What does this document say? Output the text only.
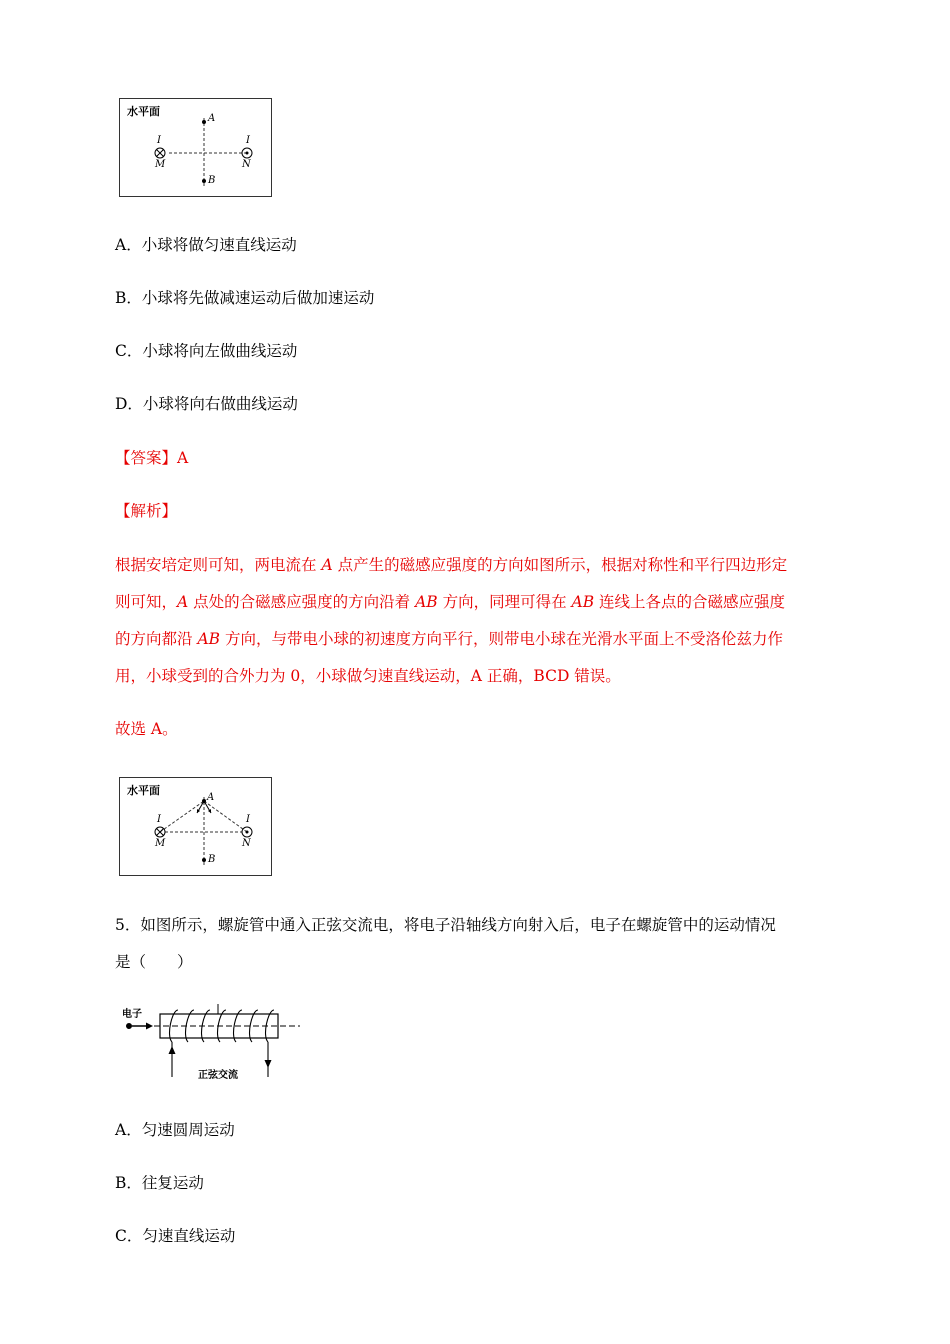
水平面
A
B
I
M
I
N
A．小球将做匀速直线运动
B．小球将先做减速运动后做加速运动
C．小球将向左做曲线运动
D．小球将向右做曲线运动
【答案】A
【解析】
根据安培定则可知，两电流在 A 点产生的磁感应强度的方向如图所示，根据对称性和平行四边形定
则可知，A 点处的合磁感应强度的方向沿着 AB 方向，同理可得在 AB 连线上各点的合磁感应强度
的方向都沿 AB 方向，与带电小球的初速度方向平行，则带电小球在光滑水平面上不受洛伦兹力作
用，小球受到的合外力为 0，小球做匀速直线运动，A 正确，BCD 错误。
故选 A。
水平面
A
B
I
M
I
N
5．如图所示，螺旋管中通入正弦交流电，将电子沿轴线方向射入后，电子在螺旋管中的运动情况
是（　　）
电子
正弦交流
A．匀速圆周运动
B．往复运动
C．匀速直线运动
